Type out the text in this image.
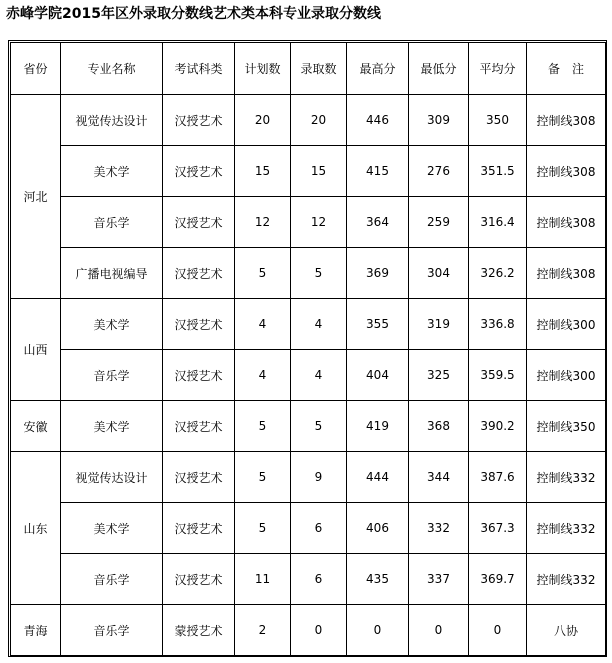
赤峰学院2015年区外录取分数线艺术类本科专业录取分数线
省份	专业名称	考试科类	计划数	录取数	最高分	最低分	平均分	备　注
河北	视觉传达设计	汉授艺术	20	20	446	309	350	控制线308
	美术学	汉授艺术	15	15	415	276	351.5	控制线308
	音乐学	汉授艺术	12	12	364	259	316.4	控制线308
	广播电视编导	汉授艺术	5	5	369	304	326.2	控制线308
山西	美术学	汉授艺术	4	4	355	319	336.8	控制线300
	音乐学	汉授艺术	4	4	404	325	359.5	控制线300
安徽	美术学	汉授艺术	5	5	419	368	390.2	控制线350
山东	视觉传达设计	汉授艺术	5	9	444	344	387.6	控制线332
	美术学	汉授艺术	5	6	406	332	367.3	控制线332
	音乐学	汉授艺术	11	6	435	337	369.7	控制线332
青海	音乐学	蒙授艺术	2	0	0	0	0	八协
